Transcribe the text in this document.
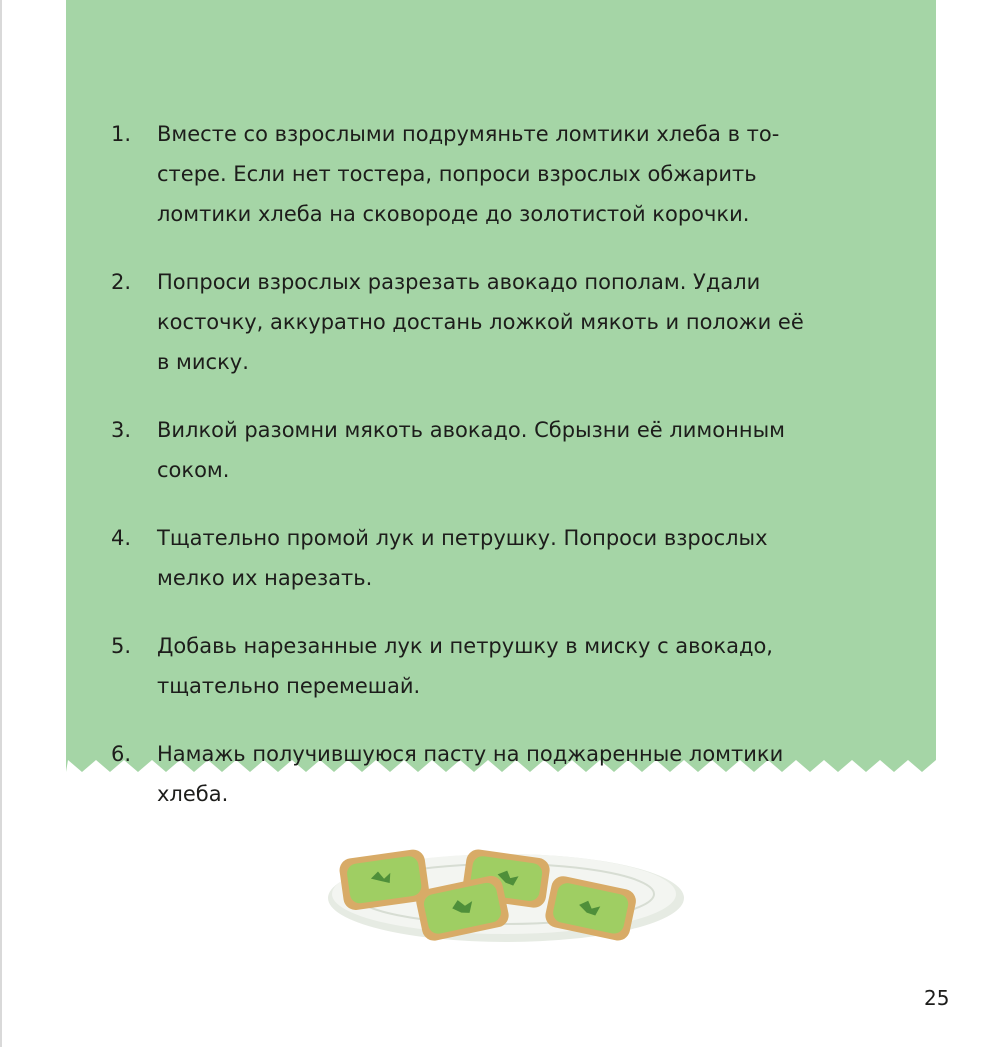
1.	Вместе со взрослыми подрумяньте ломтики хлеба в то-
стере. Если нет тостера, попроси взрослых обжарить
ломтики хлеба на сковороде до золотистой корочки.
2.	Попроси взрослых разрезать авокадо пополам. Удали
косточку, аккуратно достань ложкой мякоть и положи её
в миску.
3.	Вилкой разомни мякоть авокадо. Сбрызни её лимонным
соком.
4.	Тщательно промой лук и петрушку. Попроси взрослых
мелко их нарезать.
5.	Добавь нарезанные лук и петрушку в миску с авокадо,
тщательно перемешай.
6.	Намажь получившуюся пасту на поджаренные ломтики
хлеба.
25
